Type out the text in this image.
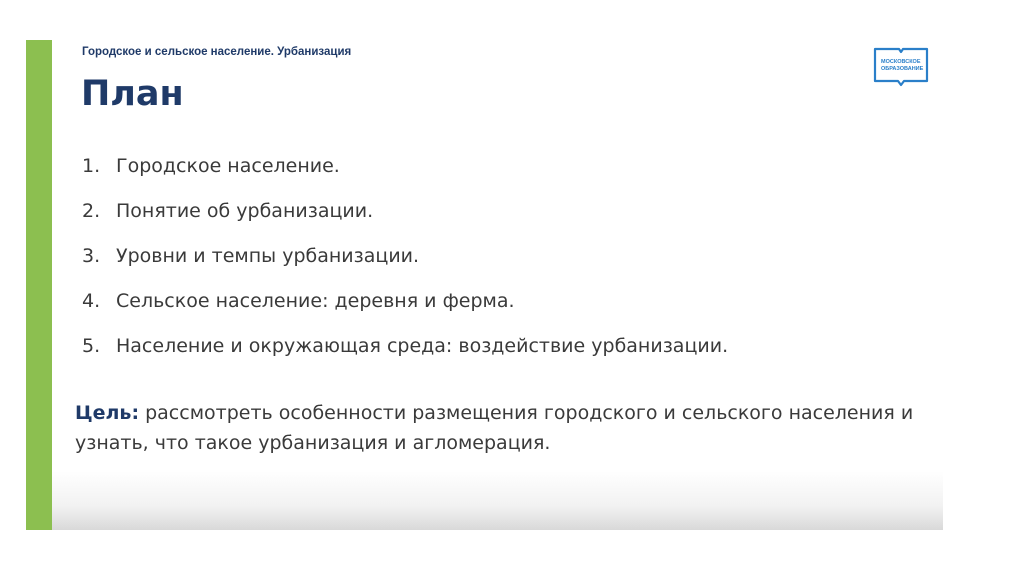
Городское и сельское население. Урбанизация
План
МОСКОВСКОЕ
ОБРАЗОВАНИЕ
1. Городское население.
2. Понятие об урбанизации.
3. Уровни и темпы урбанизации.
4. Сельское население: деревня и ферма.
5. Население и окружающая среда: воздействие урбанизации.
Цель: рассмотреть особенности размещения городского и сельского населения и узнать, что такое урбанизация и агломерация.
